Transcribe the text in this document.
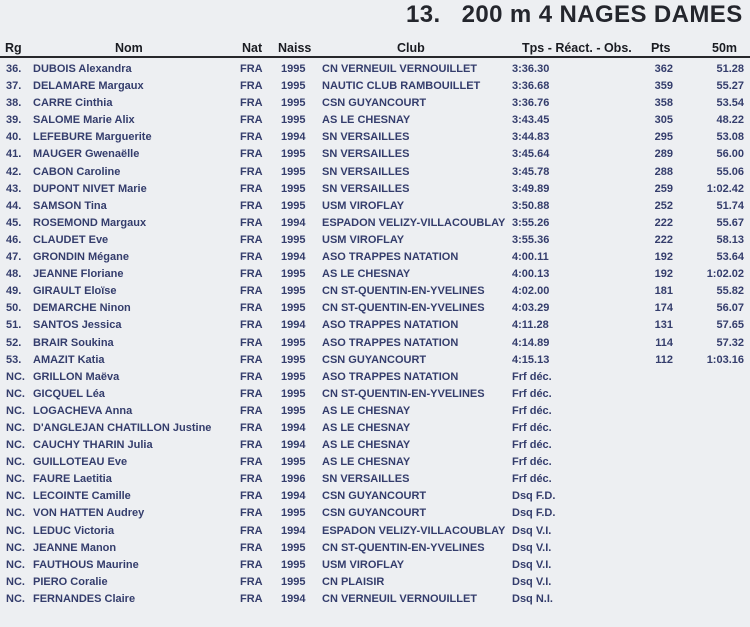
13. 200 m 4 NAGES DAMES
Rg	Nom	Nat Naiss	Club	Tps - Réact. - Obs. Pts	50m
36.	DUBOIS Alexandra	FRA 1995 CN VERNEUIL VERNOUILLET	3:36.30	362	51.28
37.	DELAMARE Margaux	FRA 1995 NAUTIC CLUB RAMBOUILLET	3:36.68	359	55.27
38.	CARRE Cinthia	FRA 1995 CSN GUYANCOURT	3:36.76	358	53.54
39.	SALOME Marie Alix	FRA 1995 AS LE CHESNAY	3:43.45	305	48.22
40.	LEFEBURE Marguerite	FRA 1994 SN VERSAILLES	3:44.83	295	53.08
41.	MAUGER Gwenaëlle	FRA 1995 SN VERSAILLES	3:45.64	289	56.00
42.	CABON Caroline	FRA 1995 SN VERSAILLES	3:45.78	288	55.06
43.	DUPONT NIVET Marie	FRA 1995 SN VERSAILLES	3:49.89	259	1:02.42
44.	SAMSON Tina	FRA 1995 USM VIROFLAY	3:50.88	252	51.74
45.	ROSEMOND Margaux	FRA 1994 ESPADON VELIZY-VILLACOUBLAY 3:55.26	222	55.67
46.	CLAUDET Eve	FRA 1995 USM VIROFLAY	3:55.36	222	58.13
47.	GRONDIN Mégane	FRA 1994 ASO TRAPPES NATATION	4:00.11	192	53.64
48.	JEANNE Floriane	FRA 1995 AS LE CHESNAY	4:00.13	192	1:02.02
49.	GIRAULT Eloïse	FRA 1995 CN ST-QUENTIN-EN-YVELINES	4:02.00	181	55.82
50.	DEMARCHE Ninon	FRA 1995 CN ST-QUENTIN-EN-YVELINES	4:03.29	174	56.07
51.	SANTOS Jessica	FRA 1994 ASO TRAPPES NATATION	4:11.28	131	57.65
52.	BRAIR Soukina	FRA 1995 ASO TRAPPES NATATION	4:14.89	114	57.32
53.	AMAZIT Katia	FRA 1995 CSN GUYANCOURT	4:15.13	112	1:03.16
NC. GRILLON Maëva	FRA 1995 ASO TRAPPES NATATION	Frf déc.
NC. GICQUEL Léa	FRA 1995 CN ST-QUENTIN-EN-YVELINES	Frf déc.
NC. LOGACHEVA Anna	FRA 1995 AS LE CHESNAY	Frf déc.
NC. D'ANGLEJAN CHATILLON Justine	FRA 1994 AS LE CHESNAY	Frf déc.
NC. CAUCHY THARIN Julia	FRA 1994 AS LE CHESNAY	Frf déc.
NC. GUILLOTEAU Eve	FRA 1995 AS LE CHESNAY	Frf déc.
NC. FAURE Laetitia	FRA 1996 SN VERSAILLES	Frf déc.
NC. LECOINTE Camille	FRA 1994 CSN GUYANCOURT	Dsq F.D.
NC. VON HATTEN Audrey	FRA 1995 CSN GUYANCOURT	Dsq F.D.
NC. LEDUC Victoria	FRA 1994 ESPADON VELIZY-VILLACOUBLAY Dsq V.I.
NC. JEANNE Manon	FRA 1995 CN ST-QUENTIN-EN-YVELINES	Dsq V.I.
NC. FAUTHOUS Maurine	FRA 1995 USM VIROFLAY	Dsq V.I.
NC. PIERO Coralie	FRA 1995 CN PLAISIR	Dsq V.I.
NC. FERNANDES Claire	FRA 1994 CN VERNEUIL VERNOUILLET	Dsq N.I.
